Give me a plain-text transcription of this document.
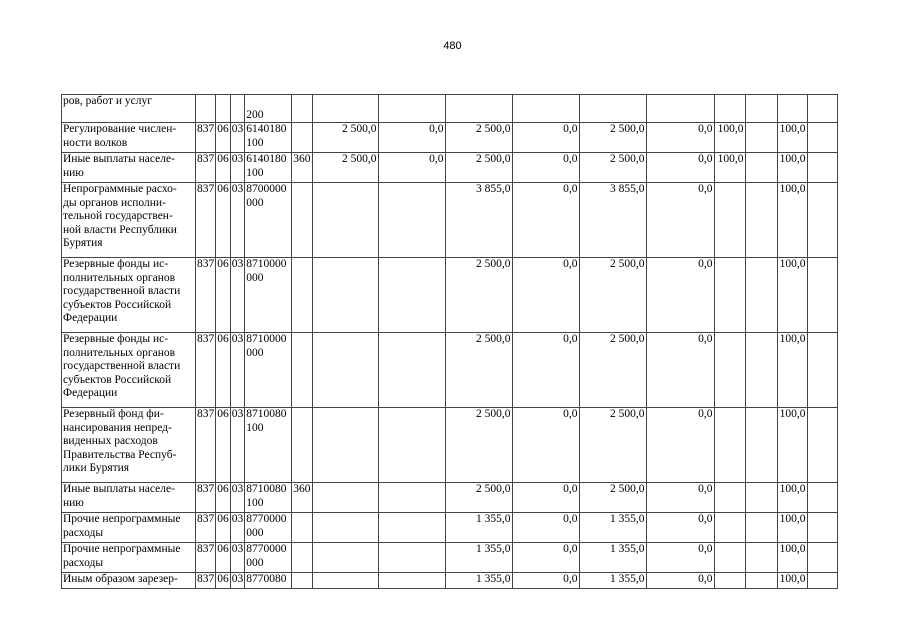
480
ров, работ и услуг				
200											
Регулирование числен-
ности волков	837	06	03	6140180
100		2 500,0	0,0	2 500,0	0,0	2 500,0	0,0	100,0		100,0	
Иные выплаты населе-
нию	837	06	03	6140180
100	360	2 500,0	0,0	2 500,0	0,0	2 500,0	0,0	100,0		100,0	
Непрограммные расхо-
ды органов исполни-
тельной государствен-
ной власти Республики
Бурятия	837	06	03	8700000
000				3 855,0	0,0	3 855,0	0,0			100,0	
Резервные фонды ис-
полнительных органов
государственной власти
субъектов Российской
Федерации	837	06	03	8710000
000				2 500,0	0,0	2 500,0	0,0			100,0	
Резервные фонды ис-
полнительных органов
государственной власти
субъектов Российской
Федерации	837	06	03	8710000
000				2 500,0	0,0	2 500,0	0,0			100,0	
Резервный фонд фи-
нансирования непред-
виденных расходов
Правительства Респуб-
лики Бурятия	837	06	03	8710080
100				2 500,0	0,0	2 500,0	0,0			100,0	
Иные выплаты населе-
нию	837	06	03	8710080
100	360			2 500,0	0,0	2 500,0	0,0			100,0	
Прочие непрограммные
расходы	837	06	03	8770000
000				1 355,0	0,0	1 355,0	0,0			100,0	
Прочие непрограммные
расходы	837	06	03	8770000
000				1 355,0	0,0	1 355,0	0,0			100,0	
Иным образом зарезер-	837	06	03	8770080				1 355,0	0,0	1 355,0	0,0			100,0	
